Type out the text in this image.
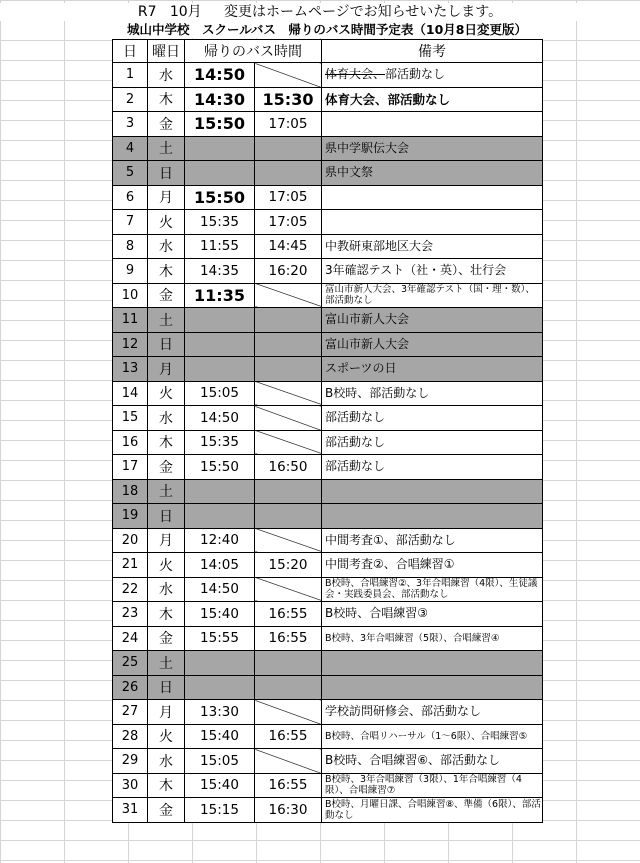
R7 10月 変更はホームページでお知らせいたします。
城山中学校　スクールバス　帰りのバス時間予定表（10月8日変更版）
日	曜日	帰りのバス時間		備考
1	水	14:50		体育大会、部活動なし
2	木	14:30	15:30	体育大会、部活動なし
3	金	15:50	17:05	
4	土			県中学駅伝大会
5	日			県中文祭
6	月	15:50	17:05	
7	火	15:35	17:05	
8	水	11:55	14:45	中教研東部地区大会
9	木	14:35	16:20	3年確認テスト（社・英）、壮行会
10	金	11:35		富山市新人大会、3年確認テスト（国・理・数）、部活動なし
11	土			富山市新人大会
12	日			富山市新人大会
13	月			スポーツの日
14	火	15:05		B校時、部活動なし
15	水	14:50		部活動なし
16	木	15:35		部活動なし
17	金	15:50	16:50	部活動なし
18	土			
19	日			
20	月	12:40		中間考査①、部活動なし
21	火	14:05	15:20	中間考査②、合唱練習①
22	水	14:50		B校時、合唱練習②、3年合唱練習（4限）、生徒議会・実践委員会、部活動なし
23	木	15:40	16:55	B校時、合唱練習③
24	金	15:55	16:55	B校時、3年合唱練習（5限）、合唱練習④
25	土			
26	日			
27	月	13:30		学校訪問研修会、部活動なし
28	火	15:40	16:55	B校時、合唱リハーサル（1～6限）、合唱練習⑤
29	水	15:05		B校時、合唱練習⑥、部活動なし
30	木	15:40	16:55	B校時、3年合唱練習（3限）、1年合唱練習（4限）、合唱練習⑦
31	金	15:15	16:30	B校時、月曜日課、合唱練習⑧、準備（6限）、部活動なし
